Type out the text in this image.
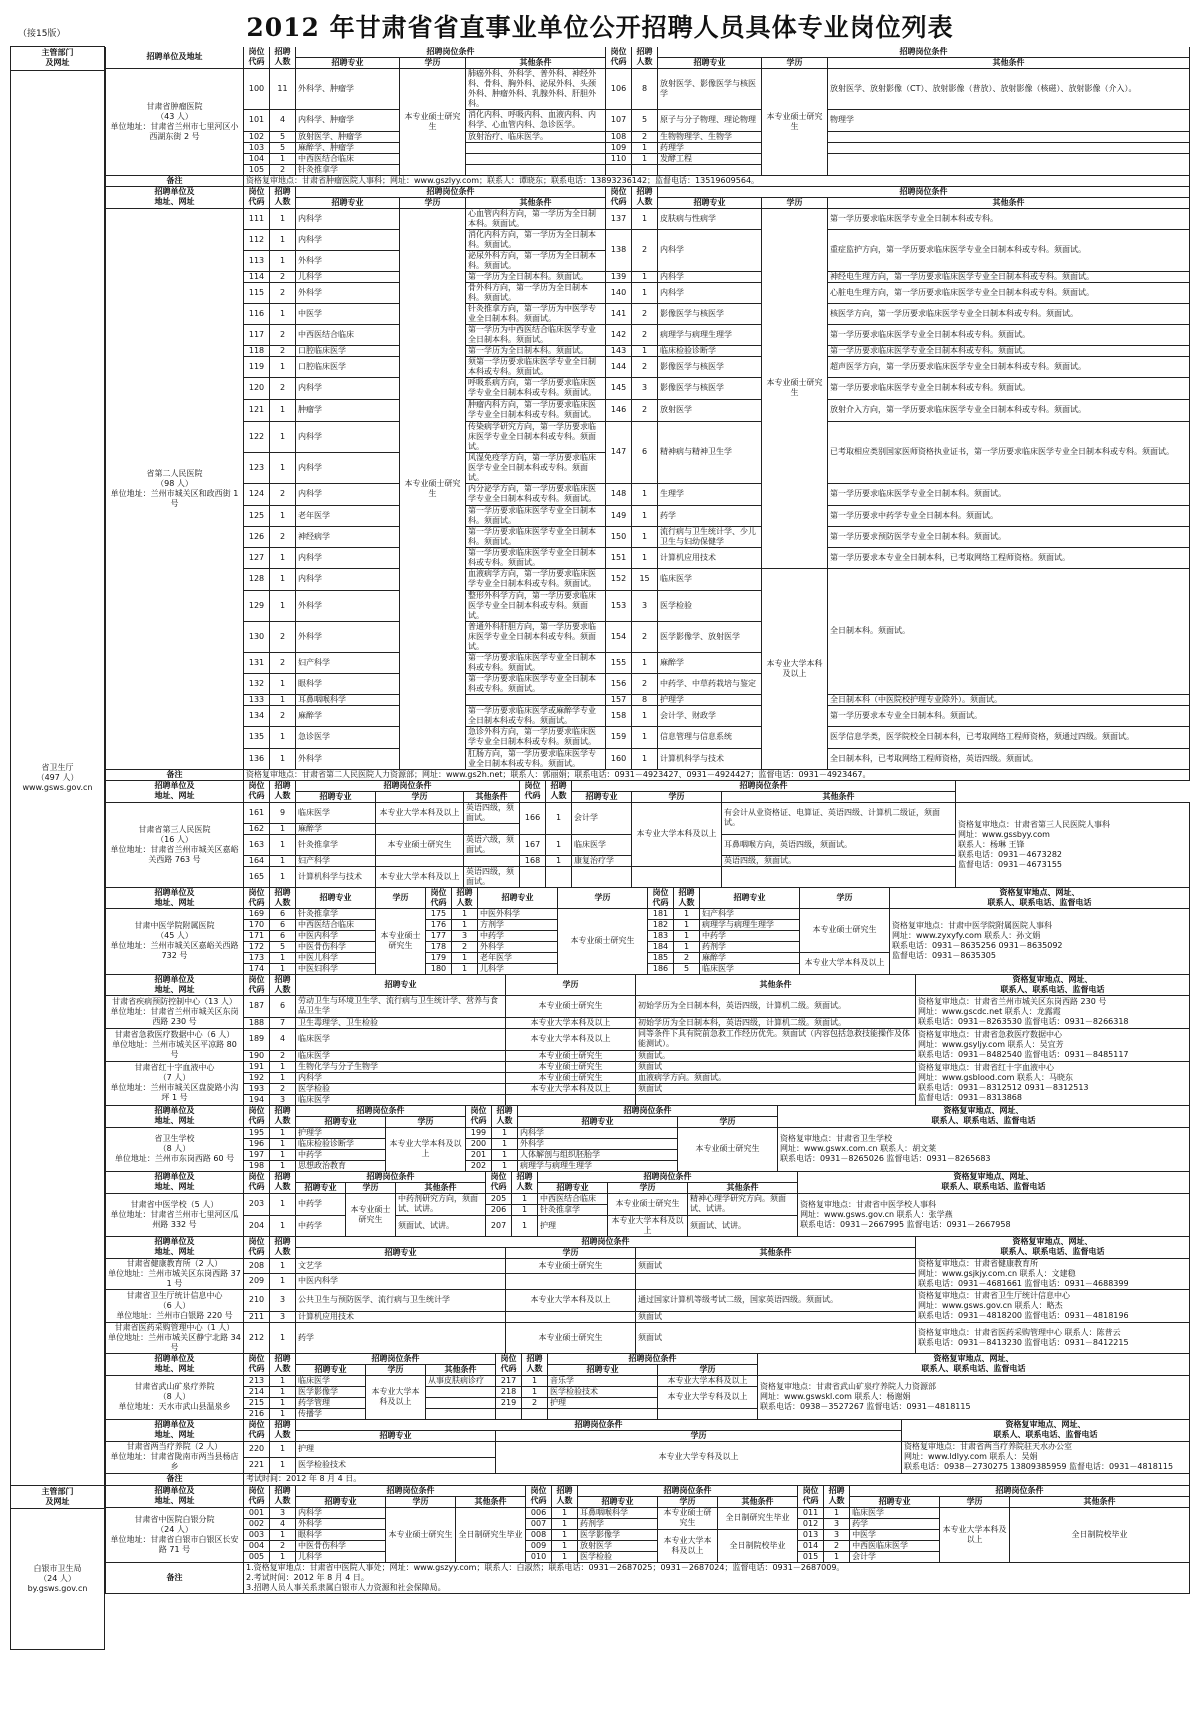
（接15版）	2012 年甘肃省省直事业单位公开招聘人员具体专业岗位列表
主管部门
及网址	
招聘单位及地址	岗位
代码	招聘
人数	招聘岗位条件	岗位
代码	招聘
人数	招聘岗位条件
招聘专业	学历	其他条件	招聘专业	学历	其他条件
甘肃省肿瘤医院
（43 人）
单位地址：甘肃省兰州市七里河区小西湖东街 2 号	100	11	外科学、肿瘤学	本专业硕士研究生	肺癌外科、外科学、普外科、神经外科、骨科、胸外科、泌尿外科、头颈外科、肿瘤外科、乳腺外科、肝胆外科。	106	8	放射医学、影像医学与核医学	本专业硕士研究生	放射医学、放射影像（CT）、放射影像（普放）、放射影像（核磁）、放射影像（介入）。
101	4	内科学、肿瘤学	消化内科、呼吸内科、血液内科、内科学、心血管内科、急诊医学。	107	5	原子与分子物理、理论物理	物理学
102	5	放射医学、肿瘤学	放射治疗、临床医学。	108	2	生物物理学、生物学	
103	5	麻醉学、肿瘤学		109	1	药理学	
104	1	中西医结合临床		110	1	发酵工程	
105	2	针灸推拿学				
备注	资格复审地点：甘肃省肿瘤医院人事科；网址：www.gszlyy.com；联系人：谭晓东；联系电话：13893236142；监督电话：13519609564。
招聘单位及
地址、网址	岗位
代码	招聘
人数	招聘岗位条件	岗位
代码	招聘
人数	招聘岗位条件
招聘专业	学历	其他条件	招聘专业	学历	其他条件
省第二人民医院
（98 人）
单位地址：兰州市城关区和政西街 1 号	111	1	内科学	本专业硕士研究生	心血管内科方向，第一学历为全日制本科。须面试。	137	1	皮肤病与性病学	本专业硕士研究生	第一学历要求临床医学专业全日制本科或专科。
112	1	内科学	消化内科方向，第一学历为全日制本科。须面试。	138	2	内科学	重症监护方向，第一学历要求临床医学专业全日制本科或专科。须面试。
113	1	外科学	泌尿外科方向，第一学历为全日制本科。须面试。
114	2	儿科学	第一学历为全日制本科。须面试。	139	1	内科学	神经电生理方向，第一学历要求临床医学专业全日制本科或专科。须面试。
115	2	外科学	骨外科方向，第一学历为全日制本科。须面试。	140	1	内科学	心脏电生理方向，第一学历要求临床医学专业全日制本科或专科。须面试。
116	1	中医学	针灸推拿方向，第一学历为中医学专业全日制本科。须面试。	141	2	影像医学与核医学	核医学方向，第一学历要求临床医学专业全日制本科或专科。须面试。
117	2	中西医结合临床	第一学历为中西医结合临床医学专业全日制本科。须面试。	142	2	病理学与病理生理学	第一学历要求临床医学专业全日制本科或专科。须面试。
118	2	口腔临床医学	第一学历为全日制本科。须面试。	143	1	临床检验诊断学	第一学历要求临床医学专业全日制本科或专科。须面试。
119	1	口腔临床医学	须第一学历要求临床医学专业全日制本科或专科。须面试。	144	2	影像医学与核医学	超声医学方向，第一学历要求临床医学专业全日制本科或专科。须面试。
120	2	内科学	呼吸系病方向，第一学历要求临床医学专业全日制本科或专科。须面试。	145	3	影像医学与核医学	第一学历要求临床医学专业全日制本科或专科。须面试。
121	1	肿瘤学	肿瘤内科方向，第一学历要求临床医学专业全日制本科或专科。须面试。	146	2	放射医学	放射介入方向，第一学历要求临床医学专业全日制本科或专科。须面试。
122	1	内科学	传染病学研究方向，第一学历要求临床医学专业全日制本科或专科。须面试。	147	6	精神病与精神卫生学	已考取相应类别国家医师资格执业证书，第一学历要求临床医学专业全日制本科或专科。须面试。
123	1	内科学	风湿免疫学方向，第一学历要求临床医学专业全日制本科或专科。须面试。
124	2	内科学	内分泌学方向，第一学历要求临床医学专业全日制本科或专科。须面试。	148	1	生理学	第一学历要求临床医学专业全日制本科。须面试。
125	1	老年医学	第一学历要求临床医学专业全日制本科。须面试。	149	1	药学	第一学历要求中药学专业全日制本科。须面试。
126	2	神经病学	第一学历要求临床医学专业全日制本科。须面试。	150	1	流行病与卫生统计学、少儿卫生与妇幼保健学	第一学历要求预防医学专业全日制本科。须面试。
127	1	内科学	第一学历要求临床医学专业全日制本科或专科。须面试。	151	1	计算机应用技术	第一学历要求本专业全日制本科，已考取网络工程师资格。须面试。
128	1	内科学	血液病学方向，第一学历要求临床医学专业全日制本科或专科。须面试。	152	15	临床医学	本专业大学本科及以上	全日制本科。须面试。
129	1	外科学	整形外科学方向，第一学历要求临床医学专业全日制本科或专科。须面试。	153	3	医学检验
130	2	外科学	普通外科肝胆方向，第一学历要求临床医学专业全日制本科或专科。须面试。	154	2	医学影像学、放射医学
131	2	妇产科学	第一学历要求临床医学专业全日制本科或专科。须面试。	155	1	麻醉学
132	1	眼科学	第一学历要求临床医学专业全日制本科或专科。须面试。	156	2	中药学、中草药栽培与鉴定
133	1	耳鼻咽喉科学		157	8	护理学	全日制本科（中医院校护理专业除外）。须面试。
134	2	麻醉学	第一学历要求临床医学或麻醉学专业全日制本科或专科。须面试。	158	1	会计学、财政学	第一学历要求本专业全日制本科。须面试。
135	1	急诊医学	急诊外科方向，第一学历要求临床医学专业全日制本科或专科。须面试。	159	1	信息管理与信息系统	医学信息学类，医学院校全日制本科，已考取网络工程师资格，须通过四级。须面试。
136	1	外科学	肛肠方向，第一学历要求临床医学专业全日制本科或专科。须面试。	160	1	计算机科学与技术	全日制本科，已考取网络工程师资格，英语四级。须面试。
备注	资格复审地点：甘肃省第二人民医院人力资源部；网址：www.gs2h.net；联系人：郭丽娟；联系电话：0931－4923427、0931－4924427；监督电话：0931－4923467。
招聘单位及
地址、网址	岗位
代码	招聘
人数	招聘岗位条件	岗位
代码	招聘
人数	招聘岗位条件
招聘专业	学历	其他条件	招聘专业	学历	其他条件
甘肃省第三人民医院
（16 人）
单位地址：甘肃省兰州市城关区嘉峪关西路 763 号	161	9	临床医学	本专业大学本科及以上	英语四级，须面试。	166	1	会计学	本专业大学本科及以上	有会计从业资格证、电算证、英语四级、计算机二级证，须面试。	资格复审地点：甘肃省第三人民医院人事科
网址：www.gssbyy.com
联系人：杨琳 王锋
联系电话：0931－4673282
监督电话：0931－4673155
162	1	麻醉学		
163	1	针灸推拿学	本专业硕士研究生	英语六级，须面试。	167	1	临床医学	耳鼻咽喉方向，英语四级，须面试。
164	1	妇产科学			168	1	康复治疗学	英语四级，须面试。
165	1	计算机科学与技术	本专业大学本科及以上	英语四级，须面试。				
招聘单位及
地址、网址	岗位
代码	招聘
人数	招聘专业	学历	岗位
代码	招聘
人数	招聘专业	学历	岗位
代码	招聘
人数	招聘专业	学历	资格复审地点、网址、
联系人、联系电话、监督电话

甘肃中医学院附属医院
（45 人）
单位地址：兰州市城关区嘉峪关西路 732 号	169	6	针灸推拿学	本专业硕士研究生	175	1	中医外科学	本专业硕士研究生	181	1	妇产科学	本专业硕士研究生	资格复审地点：甘肃中医学院附属医院人事科
网址：www.zyxyfy.com 联系人：孙文娟
联系电话：0931－8635256 0931－8635092
监督电话：0931－8635305
170	6	中西医结合临床	176	1	方剂学	182	1	病理学与病理生理学
171	6	中医内科学	177	3	中药学	183	1	中药学
172	5	中医骨伤科学	178	2	外科学	184	1	药剂学
173	1	中医儿科学	179	1	老年医学	185	2	麻醉学	本专业大学本科及以上
174	1	中医妇科学	180	1	儿科学	186	5	临床医学
招聘单位及
地址、网址	岗位
代码	招聘
人数	招聘专业	学历	其他条件	资格复审地点、网址、
联系人、联系电话、监督电话
甘肃省疾病预防控制中心（13 人）
单位地址：甘肃省兰州市城关区东岗西路 230 号	187	6	劳动卫生与环境卫生学、流行病与卫生统计学、营养与食品卫生学	本专业硕士研究生	初始学历为全日制本科，英语四级，计算机二级。须面试。	资格复审地点：甘肃省兰州市城关区东岗西路 230 号
网址：www.gscdc.net 联系人：龙露霞
联系电话：0931－8263530 监督电话：0931－8266318
188	7	卫生毒理学、卫生检验	本专业大学本科及以上	初始学历为全日制本科，英语四级，计算机二级。须面试。
甘肃省急救医疗数据中心（6 人）
单位地址：兰州市城关区平凉路 80 号	189	4	临床医学	本专业大学本科及以上	同等条件下具有院前急救工作经历优先。须面试（内容包括急救技能操作及体能测试）。	资格复审地点：甘肃省急救医疗数据中心
网址：www.gsyljy.com 联系人：吴宜芳
联系电话：0931－8482540 监督电话：0931－8485117
190	2	临床医学	本专业硕士研究生	须面试。
甘肃省红十字血液中心
（7 人）
单位地址：兰州市城关区盘旋路小沟坪 1 号	191	1	生物化学与分子生物学	本专业硕士研究生	须面试	资格复审地点：甘肃省红十字血液中心
网址：www.gsblood.com 联系人：马晓东
联系电话：0931－8312512 0931－8312513
监督电话：0931－8313868
192	1	内科学	本专业硕士研究生	血液病学方向。须面试。
193	2	医学检验	本专业大学本科及以上	须面试
194	3	临床医学		
招聘单位及
地址、网址	岗位
代码	招聘
人数	招聘岗位条件	岗位
代码	招聘
人数	招聘岗位条件	资格复审地点、网址、
联系人、联系电话、监督电话
招聘专业	学历	招聘专业	学历
省卫生学校
（8 人）
单位地址：兰州市东岗西路 60 号	195	1	护理学	本专业大学本科及以上	199	1	内科学	本专业硕士研究生	资格复审地点：甘肃省卫生学校
网址：www.gswx.com.cn 联系人：胡文莱
联系电话：0931－8265026 监督电话：0931－8265683
196	1	临床检验诊断学	200	1	外科学
197	1	中药学	201	1	人体解剖与组织胚胎学
198	1	思想政治教育	202	1	病理学与病理生理学
招聘单位及
地址、网址	岗位
代码	招聘
人数	招聘岗位条件	岗位
代码	招聘
人数	招聘岗位条件	资格复审地点、网址、
联系人、联系电话、监督电话
招聘专业	学历	其他条件	招聘专业	学历	其他条件
甘肃省中医学校（5 人）
单位地址：甘肃省兰州市七里河区瓜州路 332 号	203	1	中药学	本专业硕士研究生	中药剂研究方向，须面试、试讲。	205	1	中西医结合临床	本专业硕士研究生	精神心理学研究方向。须面试、试讲。	资格复审地点：甘肃省中医学校人事科
网址：www.gsws.gov.cn 联系人：张学燕
联系电话：0931－2667995 监督电话：0931－2667958
206	1	针灸推拿学
204	1	中药学	须面试、试讲。	207	1	护理	本专业大学本科及以上	须面试、试讲。
招聘单位及
地址、网址	岗位
代码	招聘
人数	招聘岗位条件	资格复审地点、网址、
联系人、联系电话、监督电话
招聘专业	学历	其他条件
甘肃省健康教育所（2 人）
单位地址：兰州市城关区东岗西路 371 号	208	1	文艺学	本专业硕士研究生	须面试	资格复审地点：甘肃省健康教育所
网址：www.gsjkjy.com.cn 联系人：文建稳
联系电话：0931－4681661 监督电话：0931－4688399
209	1	中医内科学		
甘肃省卫生厅统计信息中心
（6 人）
单位地址：兰州市白银路 220 号	210	3	公共卫生与预防医学、流行病与卫生统计学	本专业大学本科及以上	通过国家计算机等级考试二级，国家英语四级。须面试。	资格复审地点：甘肃省卫生厅统计信息中心
网址：www.gsws.gov.cn 联系人：略杰
联系电话：0931－4818200 监督电话：0931－4818196
211	3	计算机应用技术		须面试
甘肃省医药采购管理中心（1 人）
单位地址：兰州市城关区静宁北路 34 号	212	1	药学	本专业硕士研究生	须面试	资格复审地点：甘肃省医药采购管理中心 联系人：陈普云
联系电话：0931－8413230 监督电话：0931－8412215
招聘单位及
地址、网址	岗位
代码	招聘
人数	招聘岗位条件	岗位
代码	招聘
人数	招聘岗位条件	资格复审地点、网址、
联系人、联系电话、监督电话
招聘专业	学历	其他条件	招聘专业	学历
甘肃省武山矿泉疗养院
（8 人）
单位地址：天水市武山县温泉乡	213	1	临床医学	本专业大学本科及以上	从事皮肤病诊疗	217	1	音乐学	本专业大学本科及以上	资格复审地点：甘肃省武山矿泉疗养院人力资源部
网址：www.gswskl.com 联系人：杨谢娟
联系电话：0938－3527267 监督电话：0931－4818115
214	1	医学影像学		218	1	医学检验技术	本专业大学专科及以上
215	1	药学管理		219	2	护理
216	1	传播学					
招聘单位及
地址、网址	岗位
代码	招聘
人数	招聘岗位条件	资格复审地点、网址、
联系人、联系电话、监督电话
招聘专业	学历
甘肃省两当疗养院（2 人）
单位地址：甘肃省陇南市两当县杨店乡	220	1	护理	本专业大学专科及以上	资格复审地点：甘肃省两当疗养院驻天水办公室
网址：www.ldlyy.com 联系人：吴娟
联系电话：0938－2730275 13809385959 监督电话：0931－4818115
221	1	医学检验技术
备注	考试时间：2012 年 8 月 4 日。

省卫生厅
（497 人）
www.gsws.gov.cn
主管部门
及网址	
招聘单位及
地址、网址	岗位
代码	招聘
人数	招聘岗位条件	岗位
代码	招聘
人数	招聘岗位条件	岗位
代码	招聘
人数	招聘岗位条件
招聘专业	学历	其他条件	招聘专业	学历	其他条件	招聘专业	学历	其他条件
甘肃省中医院白银分院
（24 人）
单位地址：甘肃省白银市白银区长安路 71 号	001	3	内科学	本专业硕士研究生	全日制研究生毕业	006	1	耳鼻咽喉科学	本专业硕士研究生	全日制研究生毕业	011	1	临床医学	本专业大学本科及以上	全日制院校毕业
002	4	外科学	007	1	药剂学	012	3	药学
003	1	眼科学	008	1	医学影像学	本专业大学本科及以上	全日制院校毕业	013	3	中医学
004	2	中医骨伤科学	009	1	放射医学	014	2	中西医临床医学
005	1	儿科学	010	1	医学检验	015	1	会计学
备注	
1.资格复审地点：甘肃省中医院人事处；网址：www.gszyy.com；联系人：白淑然；联系电话：0931－2687025；0931－2687024；监督电话：0931－2687009。
2.考试时间：2012 年 8 月 4 日。
3.招聘人员人事关系隶属白银市人力资源和社会保障局。

白银市卫生局
（24 人）
by.gsws.gov.cn
